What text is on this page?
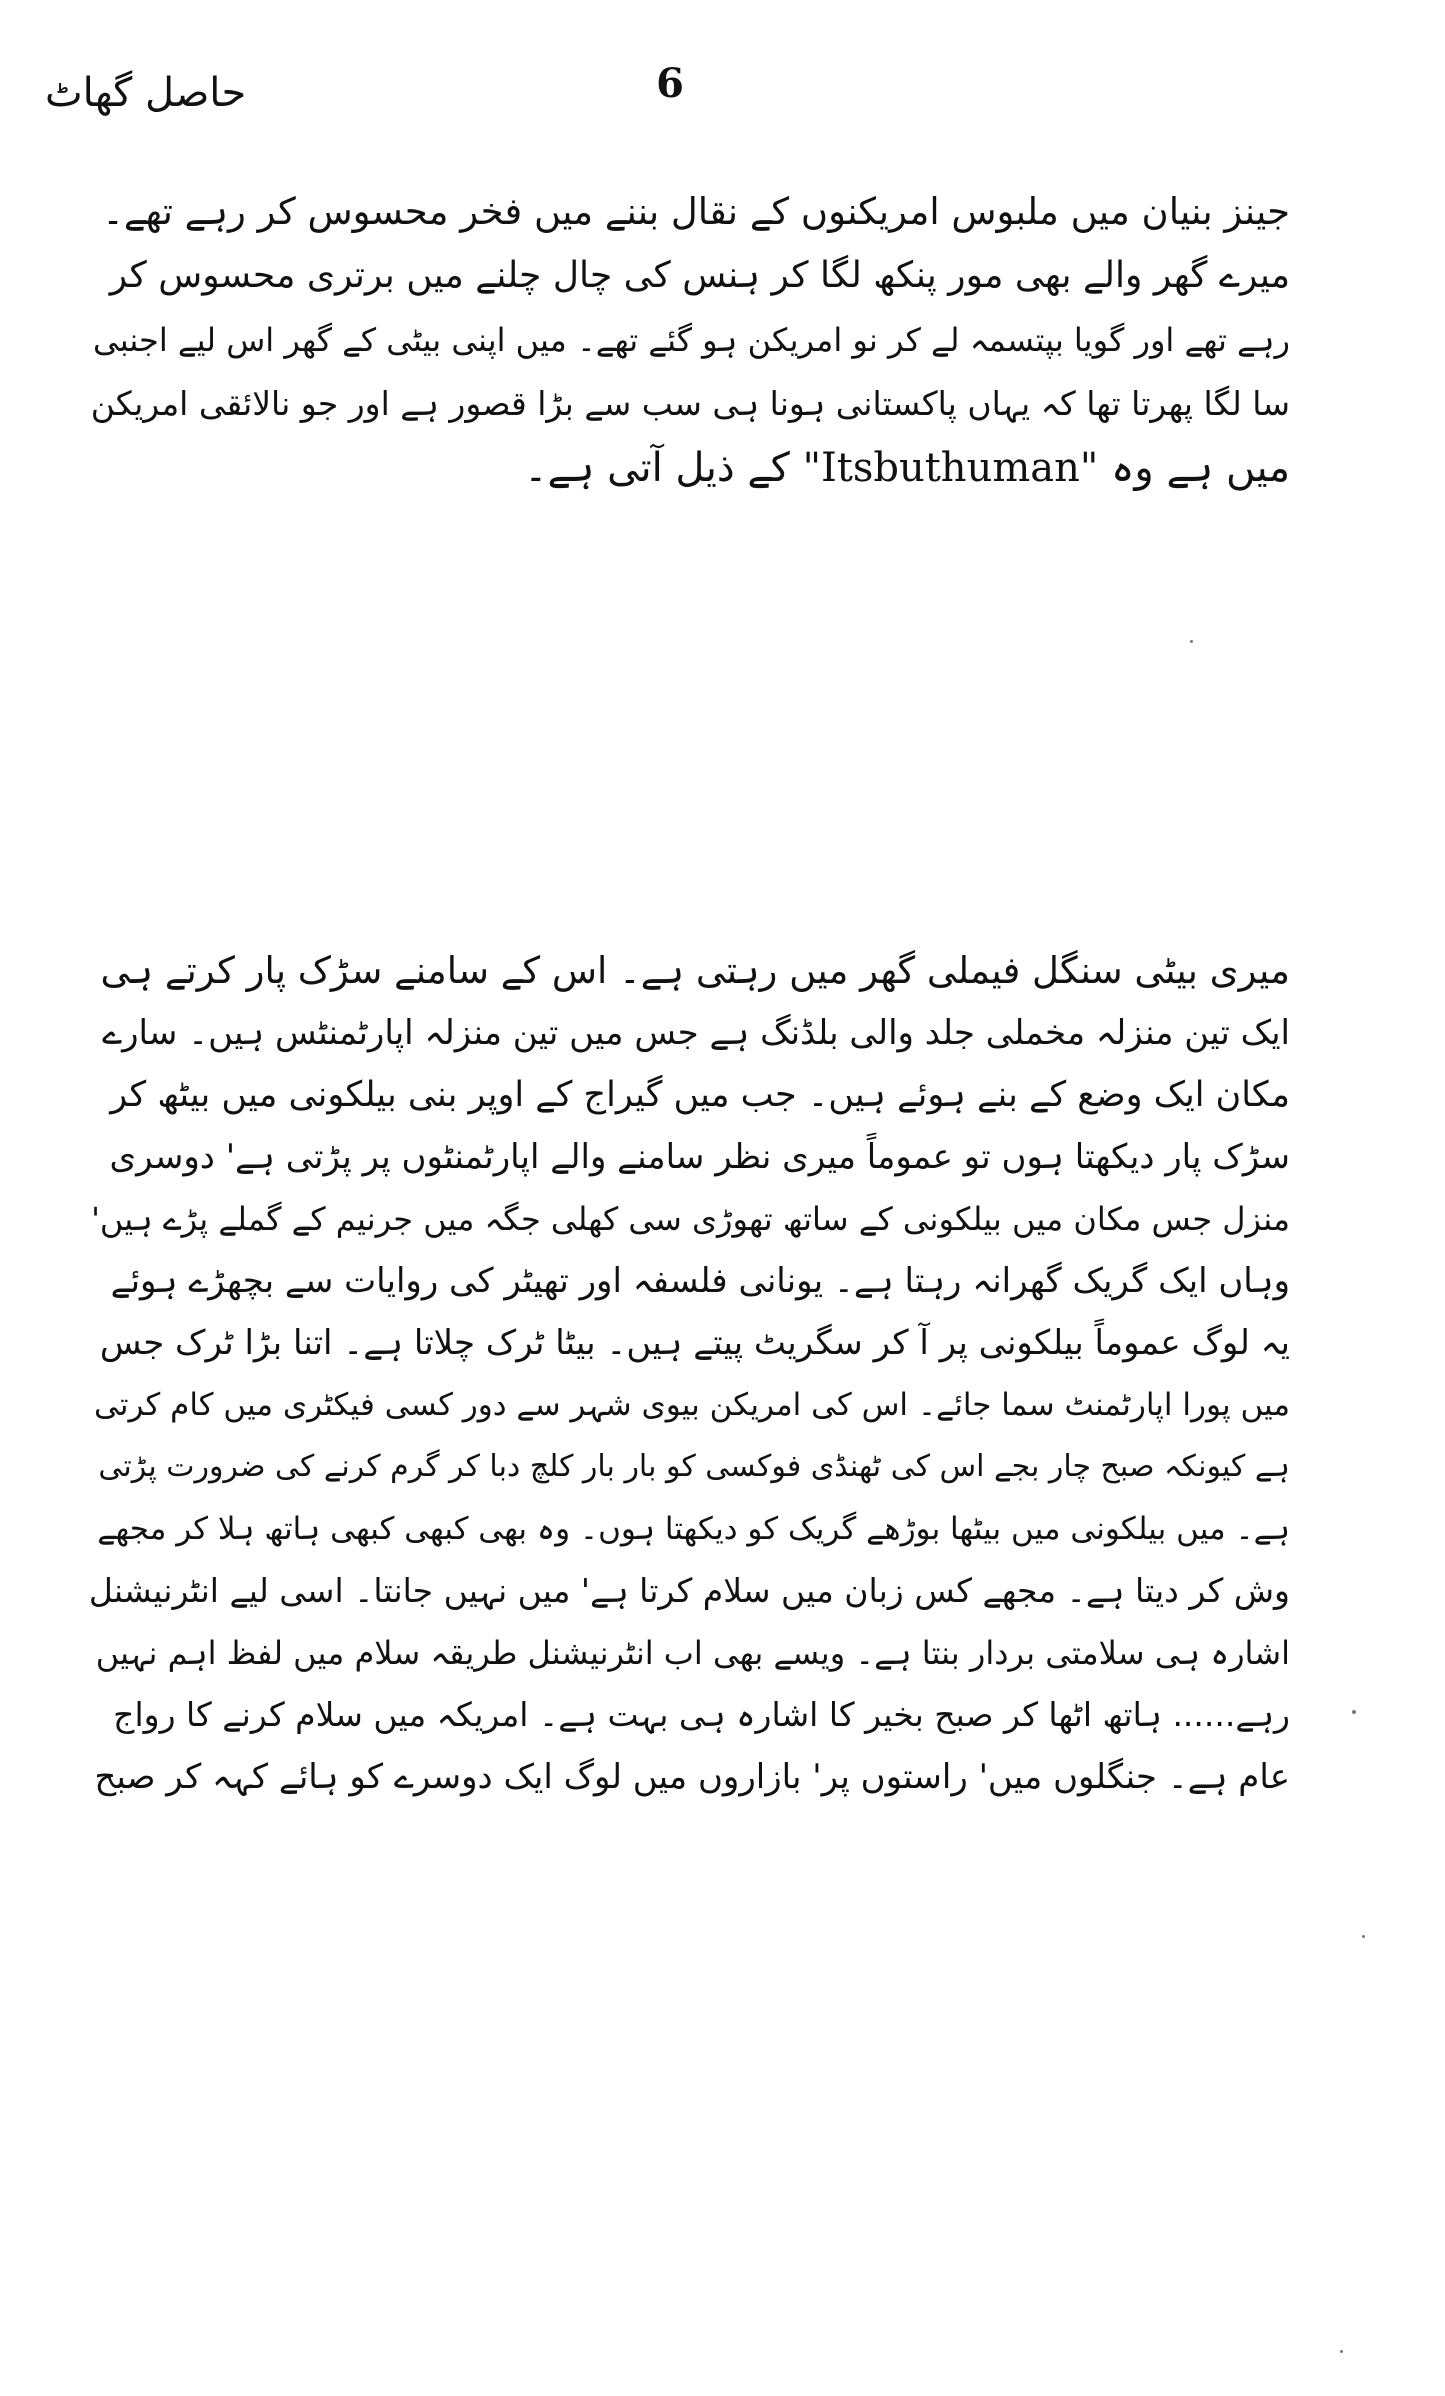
حاصل گھاٹ	6
جینز بنیان میں ملبوس امریکنوں کے نقال بننے میں فخر محسوس کر رہے تھے۔
میرے گھر والے بھی مور پنکھ لگا کر ہنس کی چال چلنے میں برتری محسوس کر
رہے تھے اور گویا بپتسمہ لے کر نو امریکن ہو گئے تھے۔ میں اپنی بیٹی کے گھر اس لیے اجنبی
سا لگا پھرتا تھا کہ یہاں پاکستانی ہونا ہی سب سے بڑا قصور ہے اور جو نالائقی امریکن
میں ہے وہ "Itsbuthuman" کے ذیل آتی ہے۔
میری بیٹی سنگل فیملی گھر میں رہتی ہے۔ اس کے سامنے سڑک پار کرتے ہی
ایک تین منزلہ مخملی جلد والی بلڈنگ ہے جس میں تین منزلہ اپارٹمنٹس ہیں۔ سارے
مکان ایک وضع کے بنے ہوئے ہیں۔ جب میں گیراج کے اوپر بنی بیلکونی میں بیٹھ کر
سڑک پار دیکھتا ہوں تو عموماً میری نظر سامنے والے اپارٹمنٹوں پر پڑتی ہے' دوسری
منزل جس مکان میں بیلکونی کے ساتھ تھوڑی سی کھلی جگہ میں جرنیم کے گملے پڑے ہیں'
وہاں ایک گریک گھرانہ رہتا ہے۔ یونانی فلسفہ اور تھیٹر کی روایات سے بچھڑے ہوئے
یہ لوگ عموماً بیلکونی پر آ کر سگریٹ پیتے ہیں۔ بیٹا ٹرک چلاتا ہے۔ اتنا بڑا ٹرک جس
میں پورا اپارٹمنٹ سما جائے۔ اس کی امریکن بیوی شہر سے دور کسی فیکٹری میں کام کرتی
ہے کیونکہ صبح چار بجے اس کی ٹھنڈی فوکسی کو بار بار کلچ دبا کر گرم کرنے کی ضرورت پڑتی
ہے۔ میں بیلکونی میں بیٹھا بوڑھے گریک کو دیکھتا ہوں۔ وہ بھی کبھی کبھی ہاتھ ہلا کر مجھے
وش کر دیتا ہے۔ مجھے کس زبان میں سلام کرتا ہے' میں نہیں جانتا۔ اسی لیے انٹرنیشنل
اشارہ ہی سلامتی بردار بنتا ہے۔ ویسے بھی اب انٹرنیشنل طریقہ سلام میں لفظ اہم نہیں
رہے...... ہاتھ اٹھا کر صبح بخیر کا اشارہ ہی بہت ہے۔ امریکہ میں سلام کرنے کا رواج
عام ہے۔ جنگلوں میں' راستوں پر' بازاروں میں لوگ ایک دوسرے کو ہائے کہہ کر صبح
